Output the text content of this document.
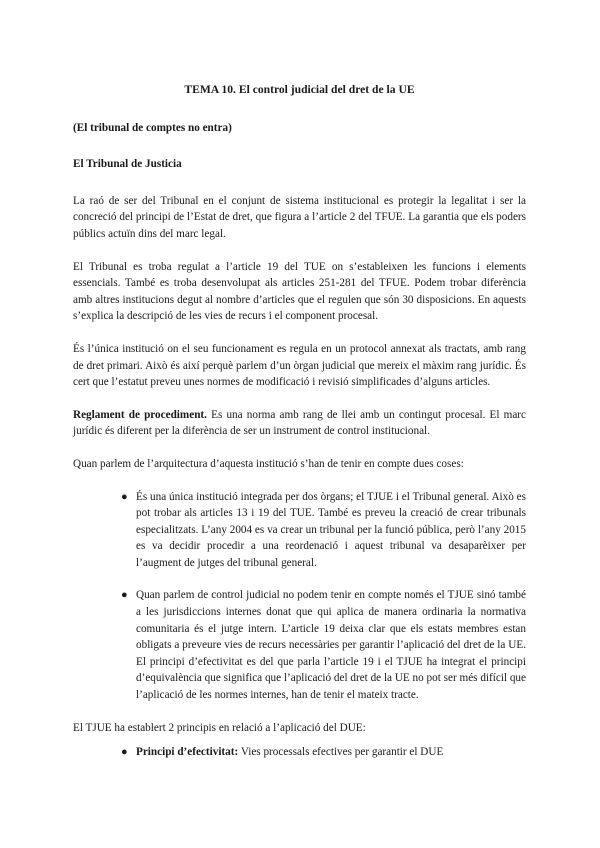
TEMA 10. El control judicial del dret de la UE
(El tribunal de comptes no entra)
El Tribunal de Justicia

La raó de ser del Tribunal en el conjunt de sistema institucional es protegir la legalitat i ser la concreció del principi de l’Estat de dret, que figura a l’article 2 del TFUE. La garantia que els poders públics actuïn dins del marc legal.

El Tribunal es troba regulat a l’article 19 del TUE on s’estableixen les funcions i elements essencials. També es troba desenvolupat als articles 251-281 del TFUE. Podem trobar diferència amb altres institucions degut al nombre d’articles que el regulen que són 30 disposicions. En aquests s’explica la descripció de les vies de recurs i el component procesal.

És l’única institució on el seu funcionament es regula en un protocol annexat als tractats, amb rang de dret primari. Això és així perquè parlem d’un òrgan judicial que mereix el màxim rang jurídic. És cert que l’estatut preveu unes normes de modificació i revisió simplificades d’alguns articles.

Reglament de procediment. Es una norma amb rang de llei amb un contingut procesal. El marc jurídic és diferent per la diferència de ser un instrument de control institucional.

Quan parlem de l’arquitectura d’aquesta institució s’han de tenir en compte dues coses:

● És una única institució integrada per dos òrgans; el TJUE i el Tribunal general. Això es pot trobar als articles 13 i 19 del TUE. També es preveu la creació de crear tribunals especialitzats. L’any 2004 es va crear un tribunal per la funció pública, però l’any 2015 es va decidir procedir a una reordenació i aquest tribunal va desaparèixer per l’augment de jutges del tribunal general.
● Quan parlem de control judicial no podem tenir en compte només el TJUE sinó també a les jurisdiccions internes donat que qui aplica de manera ordinaria la normativa comunitaria és el jutge intern. L’article 19 deixa clar que els estats membres estan obligats a preveure vies de recurs necessàries per garantir l’aplicació del dret de la UE. El principi d’efectivitat es del que parla l’article 19 i el TJUE ha integrat el principi d’equivalència que significa que l’aplicació del dret de la UE no pot ser més difícil que l’aplicació de les normes internes, han de tenir el mateix tracte.

El TJUE ha establert 2 principis en relació a l’aplicació del DUE:

● Principi d’efectivitat: Vies processals efectives per garantir el DUE
